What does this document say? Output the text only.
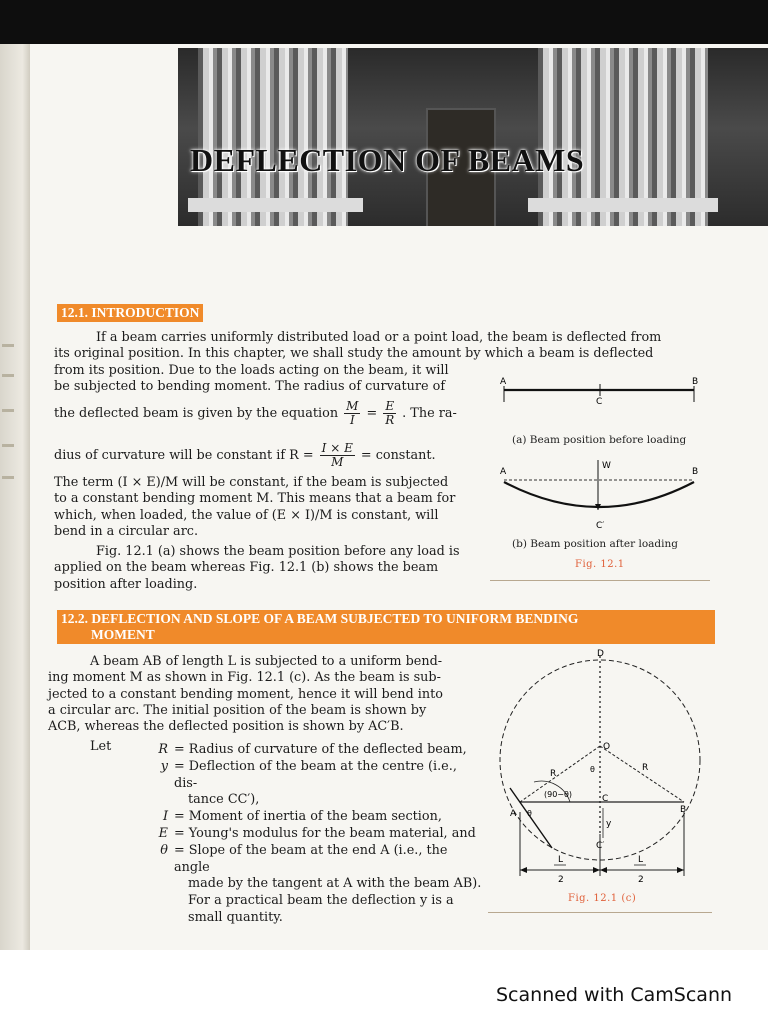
DEFLECTION OF BEAMS
12.1. INTRODUCTION

If a beam carries uniformly distributed load or a point load, the beam is deflected from

its original position. In this chapter, we shall study the amount by which a beam is deflected

from its position. Due to the loads acting on the beam, it will

be subjected to bending moment. The radius of curvature of

the deflected beam is given by the equation $\frac{M}{I} = \frac{E}{R}$ . The ra-
dius of curvature will be constant if $R = \frac{I \times E}{M}$ = constant.

The term (I × E)/M will be constant, if the beam is subjected

to a constant bending moment M. This means that a beam for

which, when loaded, the value of (E × I)/M is constant, will

bend in a circular arc.

Fig. 12.1 (a) shows the beam position before any load is

applied on the beam whereas Fig. 12.1 (b) shows the beam

position after loading.

A	B
C
A	B
W
C′
(a) Beam position before loading
(b) Beam position after loading
Fig. 12.1
12.2. DEFLECTION AND SLOPE OF A BEAM SUBJECTED TO UNIFORM BENDING
MOMENT

A beam AB of length L is subjected to a uniform bend-

ing moment M as shown in Fig. 12.1 (c). As the beam is sub-

jected to a constant bending moment, hence it will bend into

a circular arc. The initial position of the beam is shown by

ACB, whereas the deflected position is shown by AC′B.

Let	R = Radius of curvature of the deflected beam,
y = Deflection of the beam at the centre (i.e., dis-
tance CC′),
I = Moment of inertia of the beam section,
E = Young's modulus for the beam material, and
θ = Slope of the beam at the end A (i.e., the angle
made by the tangent at A with the beam AB).
For a practical beam the deflection y is a
small quantity.
D
O
R
R
θ
(90−θ)	C
A	B
θ
y
C′
L
2
L
2
Fig. 12.1 (c)
Scanned with CamScann
